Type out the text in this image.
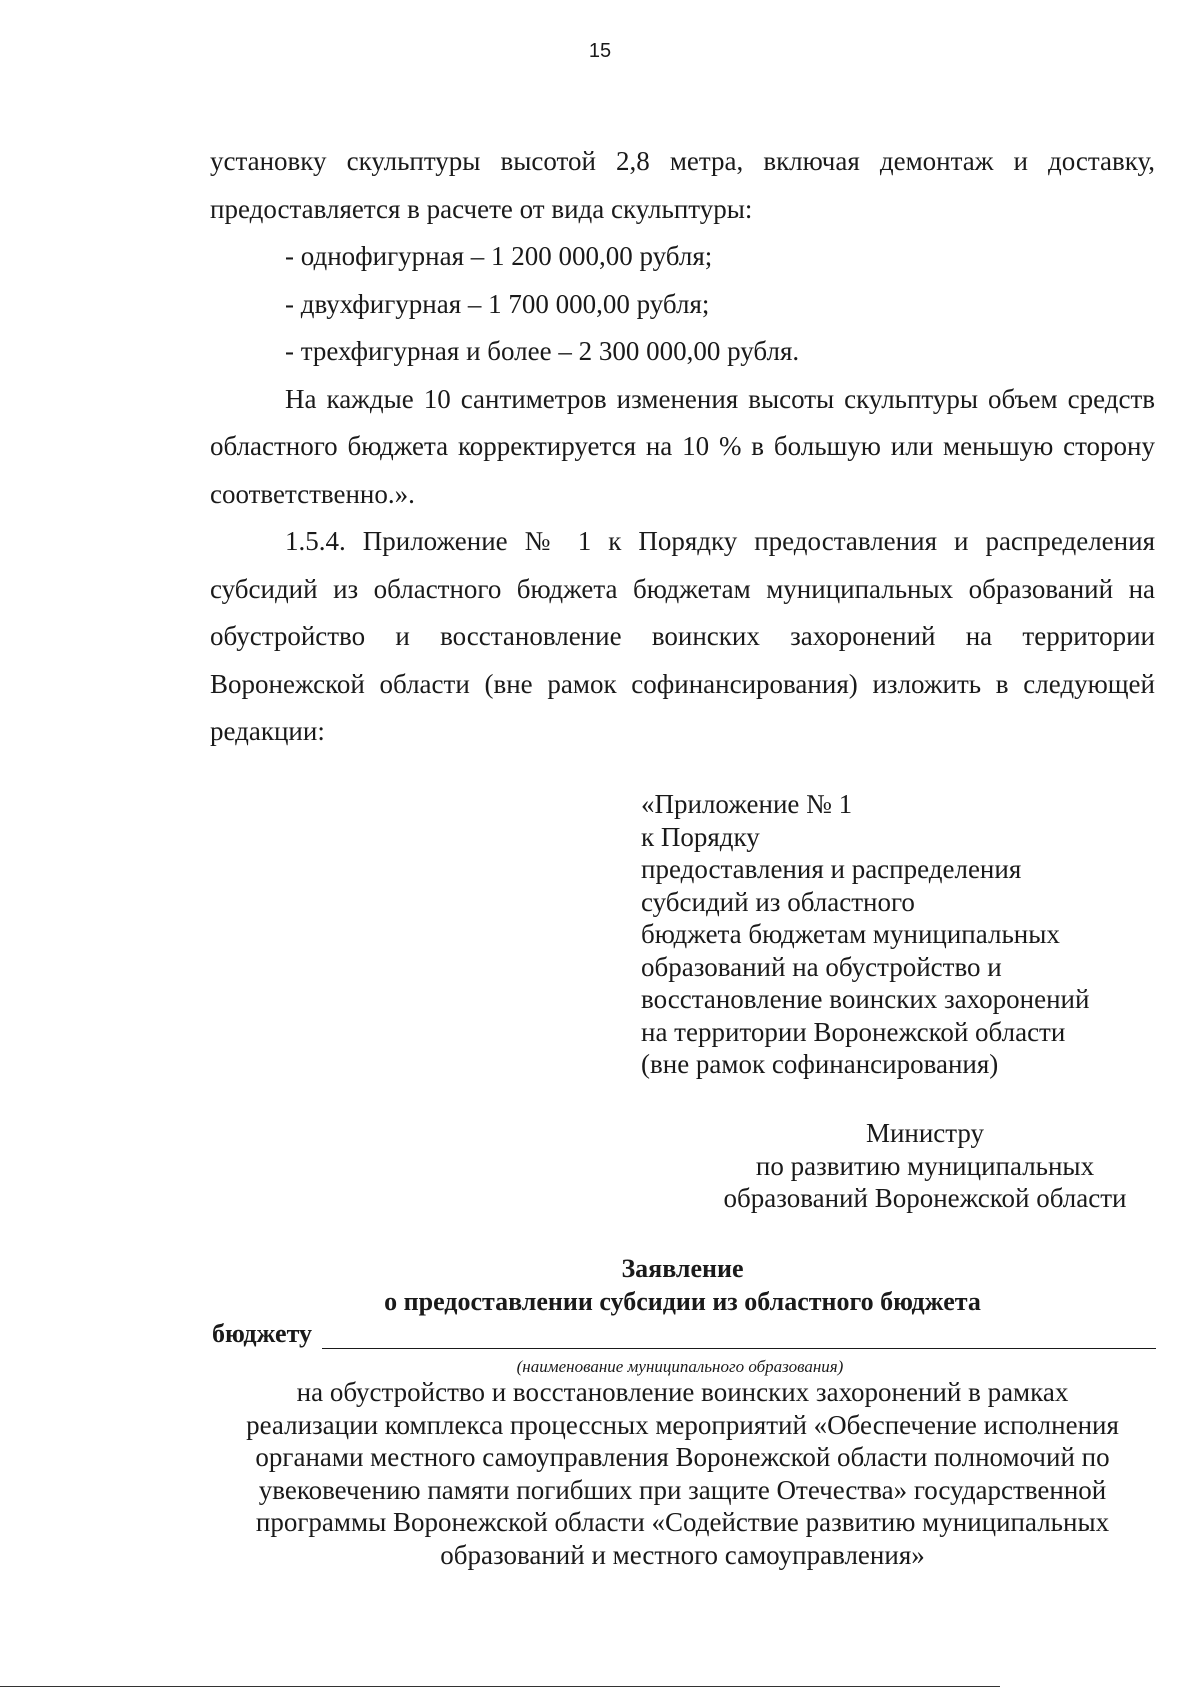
15

установку скульптуры высотой 2,8 метра, включая демонтаж и доставку, предоставляется в расчете от вида скульптуры:

- однофигурная – 1 200 000,00 рубля;

- двухфигурная – 1 700 000,00 рубля;

- трехфигурная и более – 2 300 000,00 рубля.

На каждые 10 сантиметров изменения высоты скульптуры объем средств областного бюджета корректируется на 10 % в большую или меньшую сторону соответственно.».

1.5.4. Приложение № 1 к Порядку предоставления и распределения субсидий из областного бюджета бюджетам муниципальных образований на обустройство и восстановление воинских захоронений на территории Воронежской области (вне рамок софинансирования) изложить в следующей редакции:

«Приложение № 1
к Порядку
предоставления и распределения
субсидий из областного
бюджета бюджетам муниципальных
образований на обустройство и
восстановление воинских захоронений
на территории Воронежской области
(вне рамок софинансирования)
Министру
по развитию муниципальных
образований Воронежской области
Заявление
о предоставлении субсидии из областного бюджета
бюджету
(наименование муниципального образования)

на обустройство и восстановление воинских захоронений в рамках

реализации комплекса процессных мероприятий «Обеспечение исполнения

органами местного самоуправления Воронежской области полномочий по

увековечению памяти погибших при защите Отечества» государственной

программы Воронежской области «Содействие развитию муниципальных

образований и местного самоуправления»
